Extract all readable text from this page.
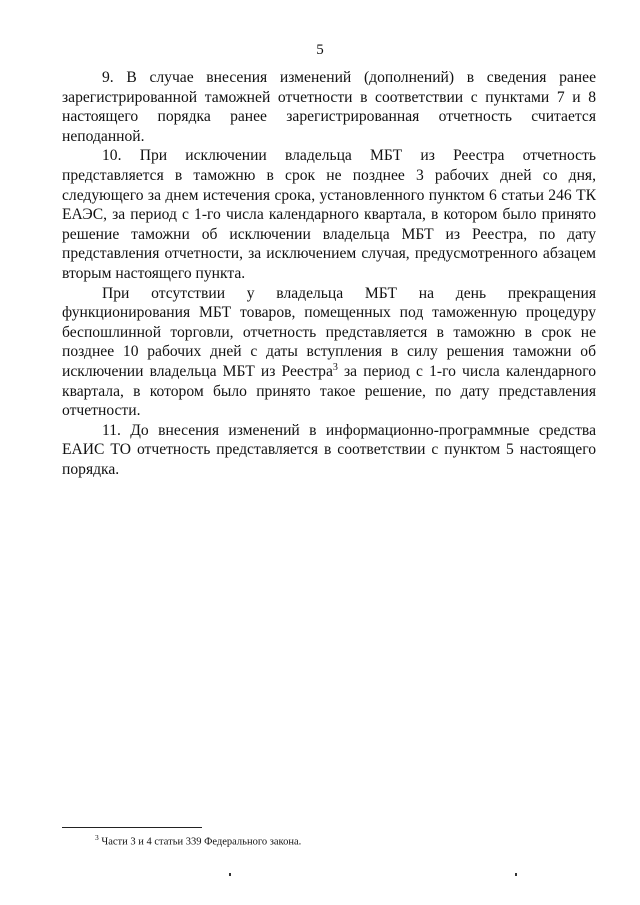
5

9. В случае внесения изменений (дополнений) в сведения ранее зарегистрированной таможней отчетности в соответствии с пунктами 7 и 8 настоящего порядка ранее зарегистрированная отчетность считается неподанной.

10. При исключении владельца МБТ из Реестра отчетность представляется в таможню в срок не позднее 3 рабочих дней со дня, следующего за днем истечения срока, установленного пунктом 6 статьи 246 ТК ЕАЭС, за период с 1-го числа календарного квартала, в котором было принято решение таможни об исключении владельца МБТ из Реестра, по дату представления отчетности, за исключением случая, предусмотренного абзацем вторым настоящего пункта.

При отсутствии у владельца МБТ на день прекращения функционирования МБТ товаров, помещенных под таможенную процедуру беспошлинной торговли, отчетность представляется в таможню в срок не позднее 10 рабочих дней с даты вступления в силу решения таможни об исключении владельца МБТ из Реестра$^3$ за период с 1-го числа календарного квартала, в котором было принято такое решение, по дату представления отчетности.

11. До внесения изменений в информационно-программные средства ЕАИС ТО отчетность представляется в соответствии с пунктом 5 настоящего порядка.

$^3$ Части 3 и 4 статьи 339 Федерального закона.
